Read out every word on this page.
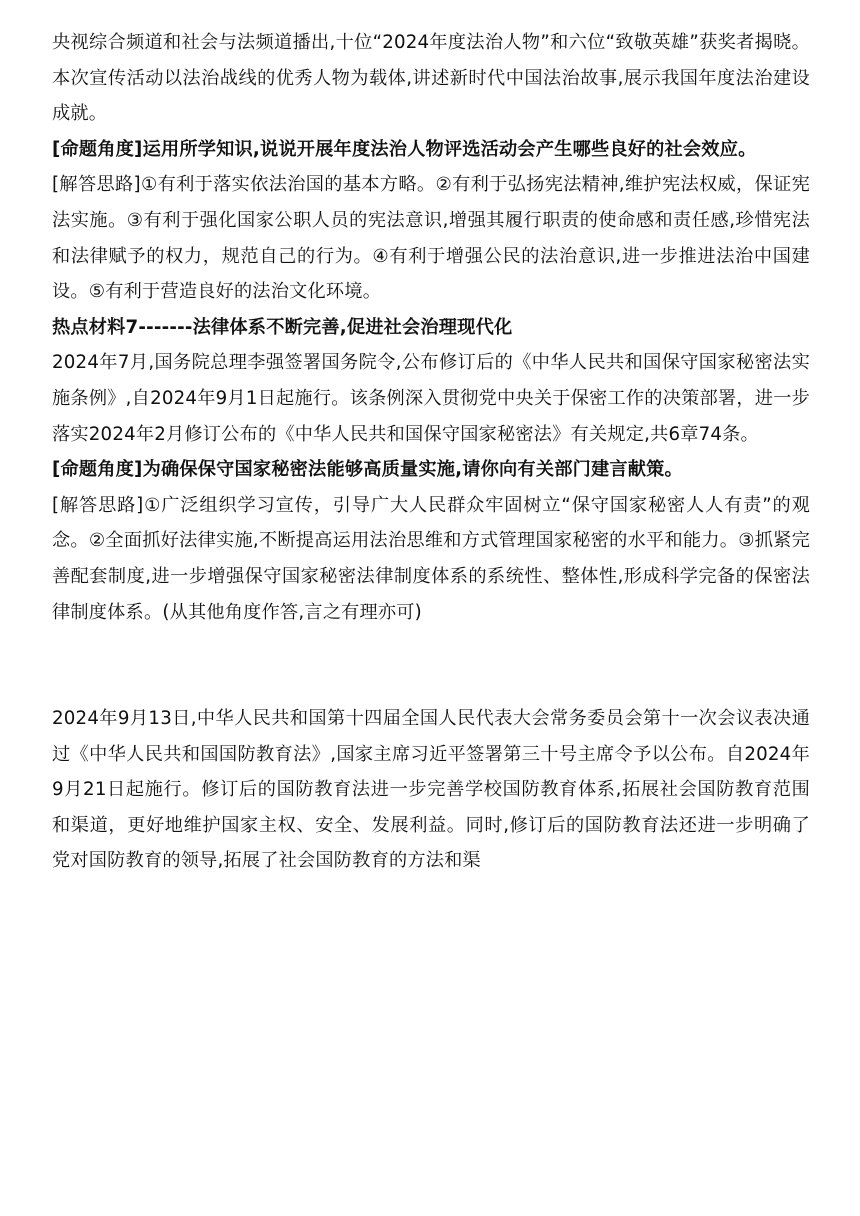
央视综合频道和社会与法频道播出,十位“2024年度法治人物”和六位“致敬英雄”获奖者揭晓。本次宣传活动以法治战线的优秀人物为载体,讲述新时代中国法治故事,展示我国年度法治建设成就。

[命题角度]运用所学知识,说说开展年度法治人物评选活动会产生哪些良好的社会效应。

[解答思路]①有利于落实依法治国的基本方略。②有利于弘扬宪法精神,维护宪法权威，保证宪法实施。③有利于强化国家公职人员的宪法意识,增强其履行职责的使命感和责任感,珍惜宪法和法律赋予的权力，规范自己的行为。④有利于增强公民的法治意识,进一步推进法治中国建设。⑤有利于营造良好的法治文化环境。

热点材料7-------法律体系不断完善,促进社会治理现代化

2024年7月,国务院总理李强签署国务院令,公布修订后的《中华人民共和国保守国家秘密法实施条例》,自2024年9月1日起施行。该条例深入贯彻党中央关于保密工作的决策部署，进一步落实2024年2月修订公布的《中华人民共和国保守国家秘密法》有关规定,共6章74条。

[命题角度]为确保保守国家秘密法能够高质量实施,请你向有关部门建言献策。

[解答思路]①广泛组织学习宣传，引导广大人民群众牢固树立“保守国家秘密人人有责”的观念。②全面抓好法律实施,不断提高运用法治思维和方式管理国家秘密的水平和能力。③抓紧完善配套制度,进一步增强保守国家秘密法律制度体系的系统性、整体性,形成科学完备的保密法律制度体系。(从其他角度作答,言之有理亦可)

2024年9月13日,中华人民共和国第十四届全国人民代表大会常务委员会第十一次会议表决通过《中华人民共和国国防教育法》,国家主席习近平签署第三十号主席令予以公布。自2024年9月21日起施行。修订后的国防教育法进一步完善学校国防教育体系,拓展社会国防教育范围和渠道，更好地维护国家主权、安全、发展利益。同时,修订后的国防教育法还进一步明确了党对国防教育的领导,拓展了社会国防教育的方法和渠
